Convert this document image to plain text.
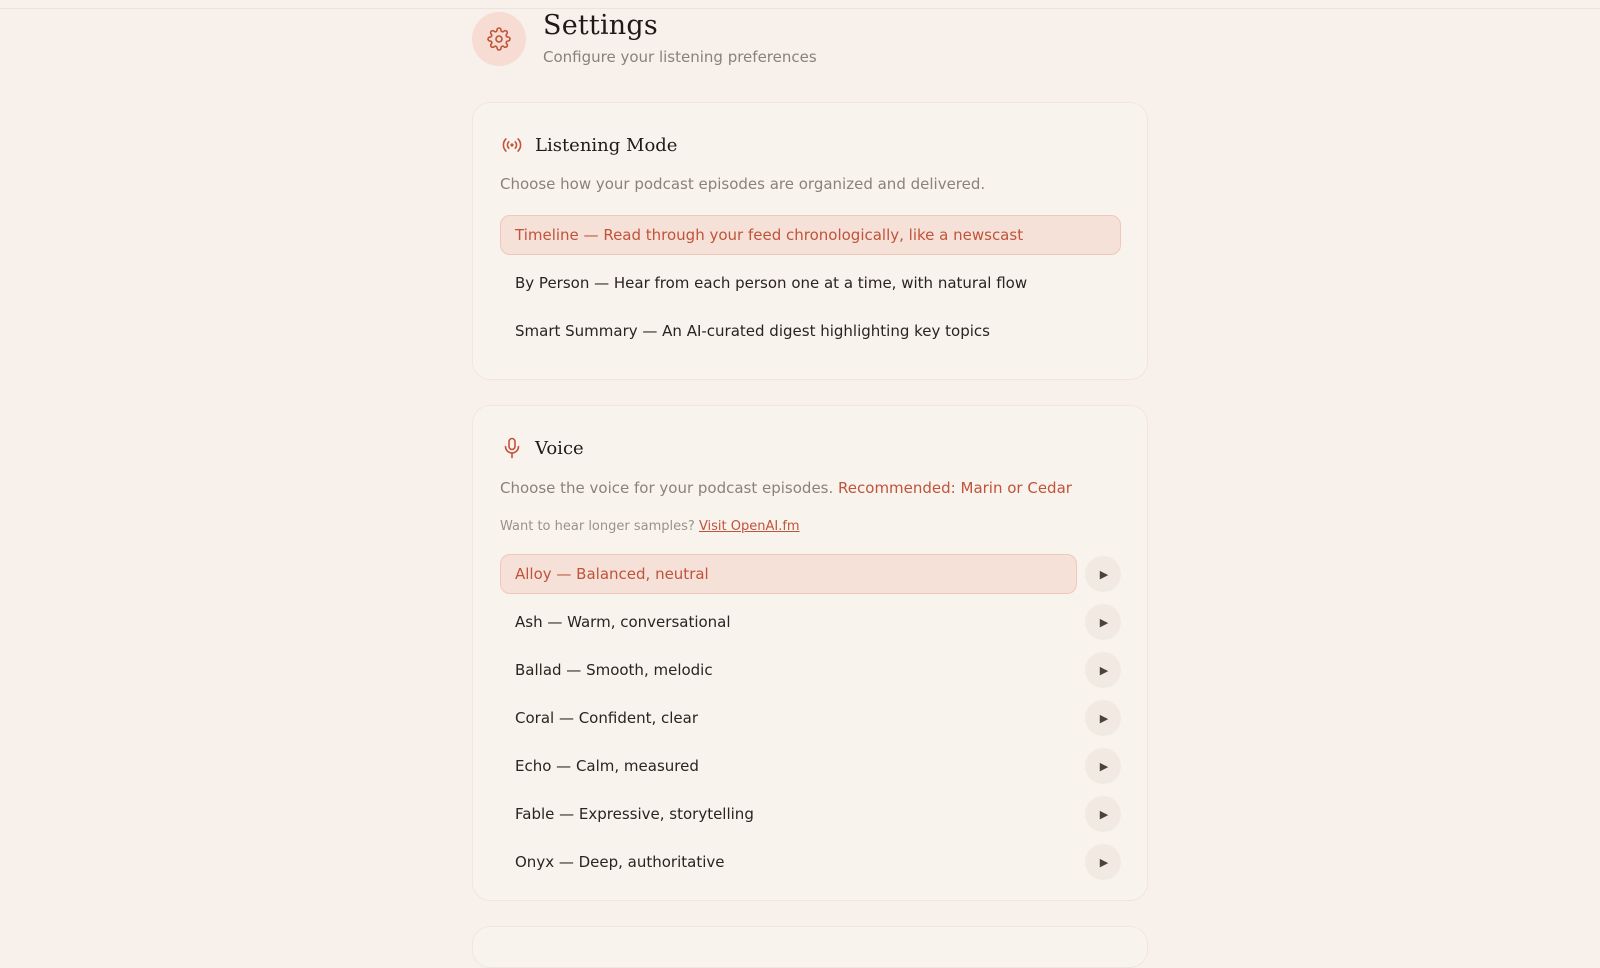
Settings
Configure your listening preferences
Listening Mode
Choose how your podcast episodes are organized and delivered.
Timeline — Read through your feed chronologically, like a newscast
By Person — Hear from each person one at a time, with natural flow
Smart Summary — An AI-curated digest highlighting key topics
Voice
Choose the voice for your podcast episodes. Recommended: Marin or Cedar
Want to hear longer samples? Visit OpenAI.fm
Alloy — Balanced, neutral	▶
Ash — Warm, conversational	▶
Ballad — Smooth, melodic	▶
Coral — Confident, clear	▶
Echo — Calm, measured	▶
Fable — Expressive, storytelling	▶
Onyx — Deep, authoritative	▶
